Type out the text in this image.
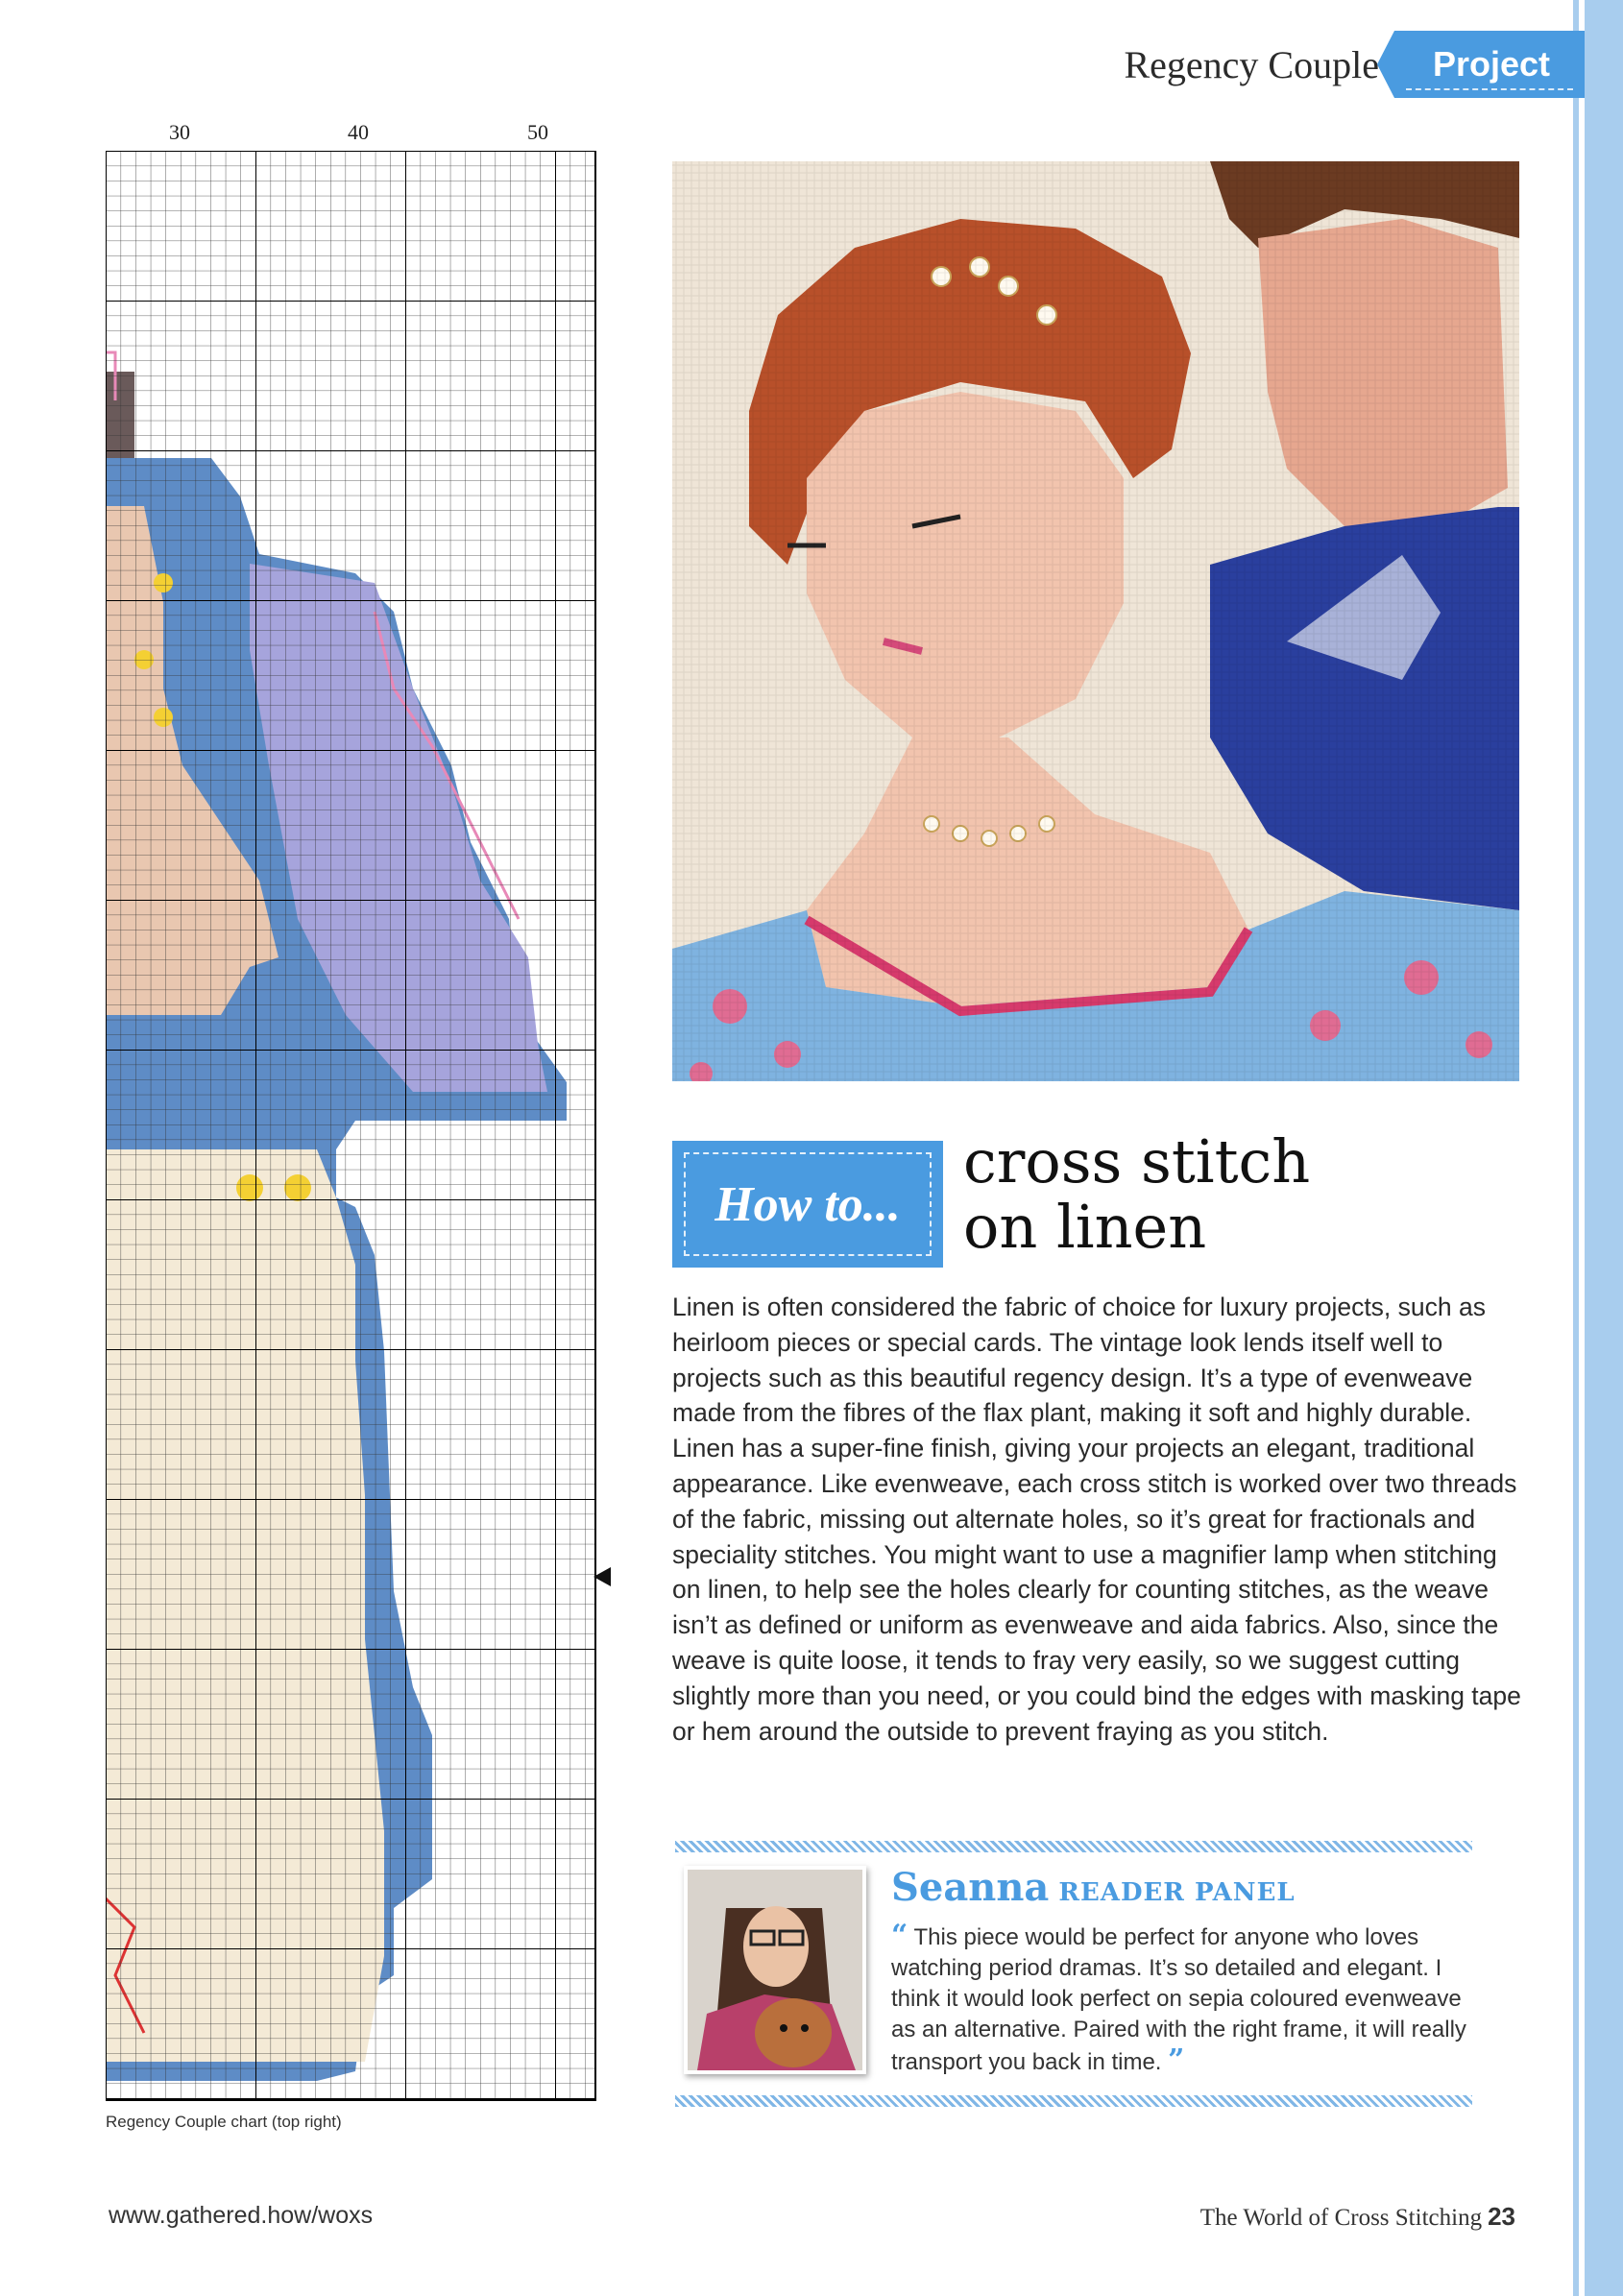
Regency Couple	Project
30	40	50
Regency Couple chart (top right)
How to...
cross stitch
on linen
Linen is often considered the fabric of choice for luxury projects, such as heirloom pieces or special cards. The vintage look lends itself well to projects such as this beautiful regency design. It’s a type of evenweave made from the fibres of the flax plant, making it soft and highly durable. Linen has a super-fine finish, giving your projects an elegant, traditional appearance. Like evenweave, each cross stitch is worked over two threads of the fabric, missing out alternate holes, so it’s great for fractionals and speciality stitches. You might want to use a magnifier lamp when stitching on linen, to help see the holes clearly for counting stitches, as the weave isn’t as defined or uniform as evenweave and aida fabrics. Also, since the weave is quite loose, it tends to fray very easily, so we suggest cutting slightly more than you need, or you could bind the edges with masking tape or hem around the outside to prevent fraying as you stitch.
Seanna READER PANEL
“ This piece would be perfect for anyone who loves watching period dramas. It’s so detailed and elegant. I think it would look perfect on sepia coloured evenweave as an alternative. Paired with the right frame, it will really transport you back in time. ”
www.gathered.how/woxs	The World of Cross Stitching 23
